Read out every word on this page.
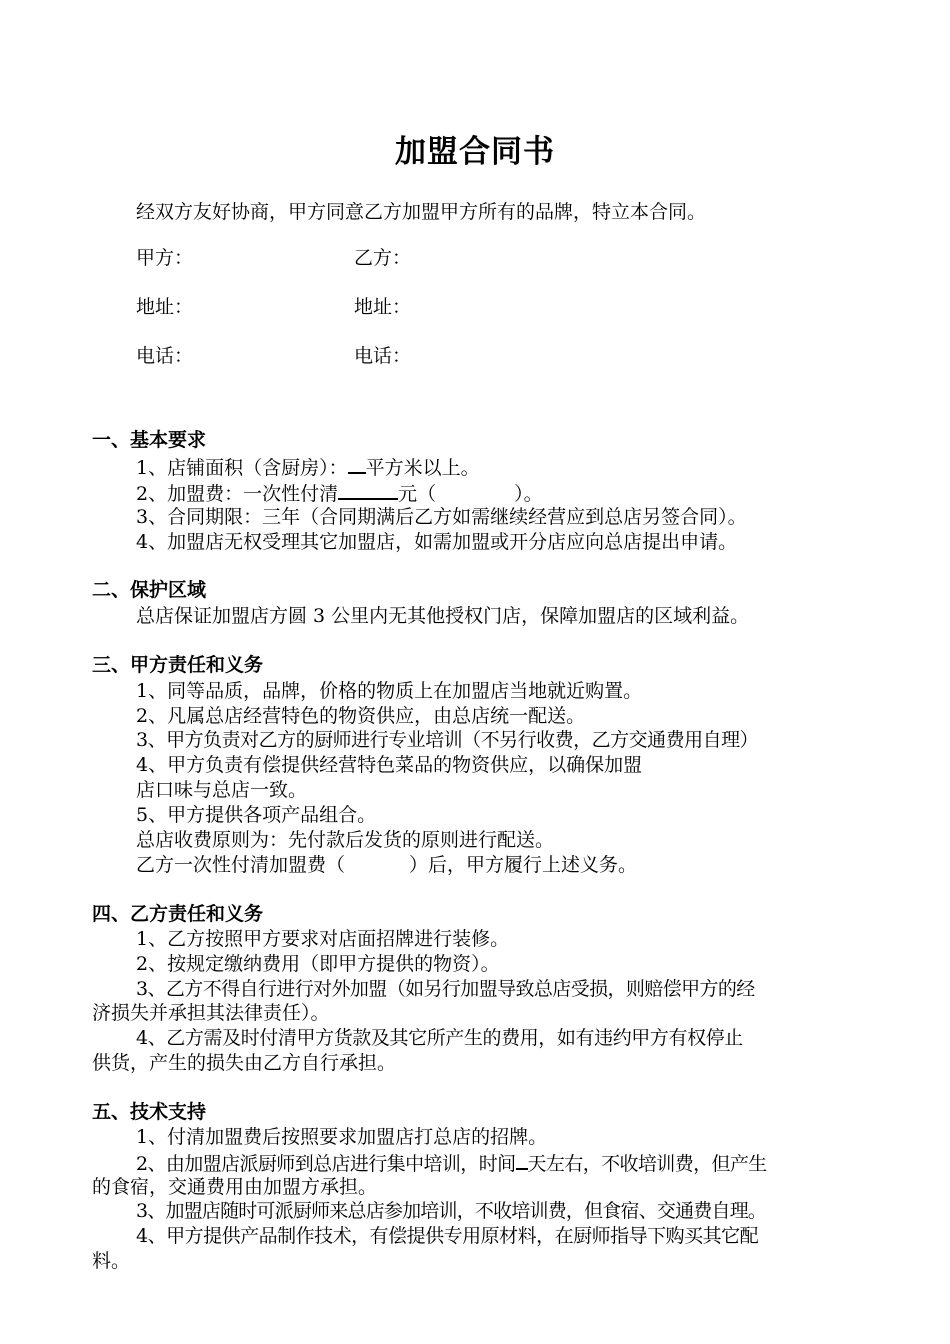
加盟合同书
经双方友好协商，甲方同意乙方加盟甲方所有的品牌，特立本合同。
甲方：	乙方：
地址：	地址：
电话：	电话：
一、基本要求
1、店铺面积（含厨房）： 平方米以上。
2、加盟费：一次性付清	元（	）。
3、合同期限：三年（合同期满后乙方如需继续经营应到总店另签合同）。
4、加盟店无权受理其它加盟店，如需加盟或开分店应向总店提出申请。
二、保护区域
总店保证加盟店方圆 3 公里内无其他授权门店，保障加盟店的区域利益。
三、甲方责任和义务
1、同等品质，品牌，价格的物质上在加盟店当地就近购置。
2、凡属总店经营特色的物资供应，由总店统一配送。
3、甲方负责对乙方的厨师进行专业培训（不另行收费，乙方交通费用自理）
4、甲方负责有偿提供经营特色菜品的物资供应，以确保加盟
店口味与总店一致。
5、甲方提供各项产品组合。
总店收费原则为：先付款后发货的原则进行配送。
乙方一次性付清加盟费（	）后，甲方履行上述义务。
四、乙方责任和义务
1、乙方按照甲方要求对店面招牌进行装修。
2、按规定缴纳费用（即甲方提供的物资）。
3、乙方不得自行进行对外加盟（如另行加盟导致总店受损，则赔偿甲方的经
济损失并承担其法律责任）。
4、乙方需及时付清甲方货款及其它所产生的费用，如有违约甲方有权停止
供货，产生的损失由乙方自行承担。
五、技术支持
1、付清加盟费后按照要求加盟店打总店的招牌。
2、由加盟店派厨师到总店进行集中培训，时间 天左右，不收培训费，但产生
的食宿，交通费用由加盟方承担。
3、加盟店随时可派厨师来总店参加培训，不收培训费，但食宿、交通费自理。
4、甲方提供产品制作技术，有偿提供专用原材料，在厨师指导下购买其它配
料。
